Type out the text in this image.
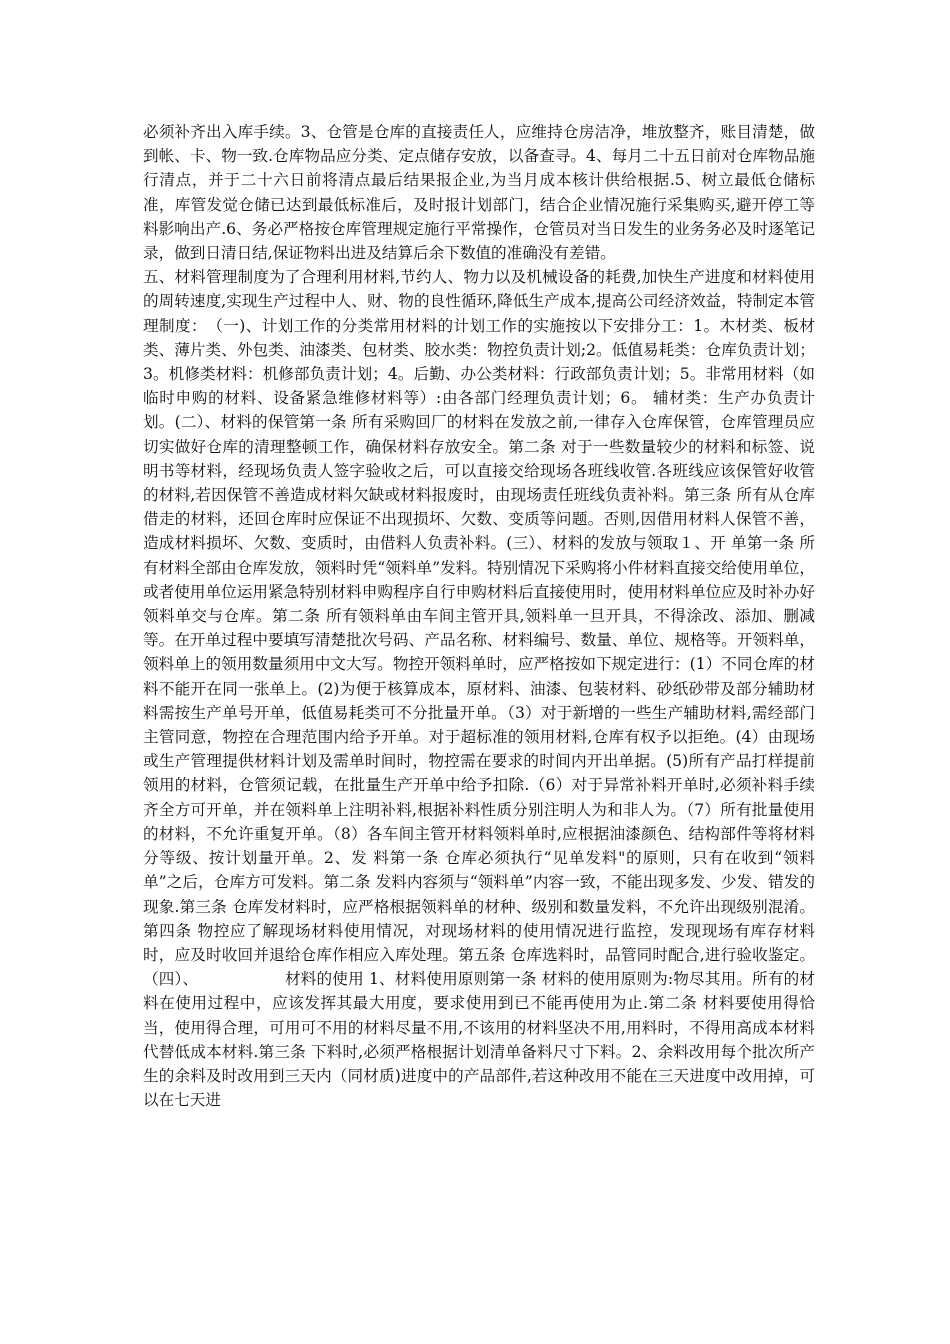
必须补齐出入库手续。3、仓管是仓库的直接责任人，应维持仓房洁净，堆放整齐，账目清楚，做到帐、卡、物一致.仓库物品应分类、定点储存安放，以备查寻。4、每月二十五日前对仓库物品施行清点，并于二十六日前将清点最后结果报企业,为当月成本核计供给根据.5、树立最低仓储标准，库管发觉仓储已达到最低标准后，及时报计划部门，结合企业情况施行采集购买,避开停工等料影响出产.6、务必严格按仓库管理规定施行平常操作，仓管员对当日发生的业务务必及时逐笔记录，做到日清日结,保证物料出进及结算后余下数值的准确没有差错。

五、材料管理制度为了合理利用材料,节约人、物力以及机械设备的耗费,加快生产进度和材料使用的周转速度,实现生产过程中人、财、物的良性循环,降低生产成本,提高公司经济效益，特制定本管理制度：　（一)、计划工作的分类常用材料的计划工作的实施按以下安排分工：1。木材类、板材类、薄片类、外包类、油漆类、包材类、胶水类：物控负责计划;2。低值易耗类：仓库负责计划；3。机修类材料：机修部负责计划；4。后勤、办公类材料：行政部负责计划；5。非常用材料（如临时申购的材料、设备紧急维修材料等）:由各部门经理负责计划；6。 辅材类：生产办负责计划。(二）、材料的保管第一条 所有采购回厂的材料在发放之前,一律存入仓库保管，仓库管理员应切实做好仓库的清理整顿工作，确保材料存放安全。第二条 对于一些数量较少的材料和标签、说明书等材料，经现场负责人签字验收之后，可以直接交给现场各班线收管.各班线应该保管好收管的材料,若因保管不善造成材料欠缺或材料报废时，由现场责任班线负责补料。第三条 所有从仓库借走的材料，还回仓库时应保证不出现损坏、欠数、变质等问题。否则,因借用材料人保管不善，造成材料损坏、欠数、变质时，由借料人负责补料。(三）、材料的发放与领取１、开 单第一条 所有材料全部由仓库发放，领料时凭“领料单”发料。特别情况下采购将小件材料直接交给使用单位，或者使用单位运用紧急特别材料申购程序自行申购材料后直接使用时，使用材料单位应及时补办好领料单交与仓库。第二条 所有领料单由车间主管开具,领料单一旦开具，不得涂改、添加、删减等。在开单过程中要填写清楚批次号码、产品名称、材料编号、数量、单位、规格等。开领料单，领料单上的领用数量须用中文大写。物控开领料单时，应严格按如下规定进行：(1）不同仓库的材料不能开在同一张单上。(2)为便于核算成本，原材料、油漆、包装材料、砂纸砂带及部分辅助材料需按生产单号开单，低值易耗类可不分批量开单。（3）对于新增的一些生产辅助材料,需经部门主管同意，物控在合理范围内给予开单。对于超标准的领用材料,仓库有权予以拒绝。(4）由现场或生产管理提供材料计划及需单时间时，物控需在要求的时间内开出单据。(5)所有产品打样提前领用的材料，仓管须记载，在批量生产开单中给予扣除.（6）对于异常补料开单时,必须补料手续齐全方可开单，并在领料单上注明补料,根据补料性质分别注明人为和非人为。（7）所有批量使用的材料，不允许重复开单。（8）各车间主管开材料领料单时,应根据油漆颜色、结构部件等将材料分等级、按计划量开单。2、发 料第一条 仓库必须执行“见单发料"的原则，只有在收到“领料单”之后，仓库方可发料。第二条 发料内容须与“领料单”内容一致，不能出现多发、少发、错发的现象.第三条 仓库发材料时，应严格根据领料单的材种、级别和数量发料，不允许出现级别混淆。第四条 物控应了解现场材料使用情况，对现场材料的使用情况进行监控，发现现场有库存材料时，应及时收回并退给仓库作相应入库处理。第五条 仓库选料时，品管同时配合,进行验收鉴定。（四）、　　　　　　材料的使用 1、材料使用原则第一条 材料的使用原则为:物尽其用。所有的材料在使用过程中，应该发挥其最大用度，要求使用到已不能再使用为止.第二条 材料要使用得恰当，使用得合理，可用可不用的材料尽量不用,不该用的材料坚决不用,用料时，不得用高成本材料代替低成本材料.第三条 下料时,必须严格根据计划清单备料尺寸下料。2、余料改用每个批次所产生的余料及时改用到三天内（同材质)进度中的产品部件,若这种改用不能在三天进度中改用掉，可以在七天进
